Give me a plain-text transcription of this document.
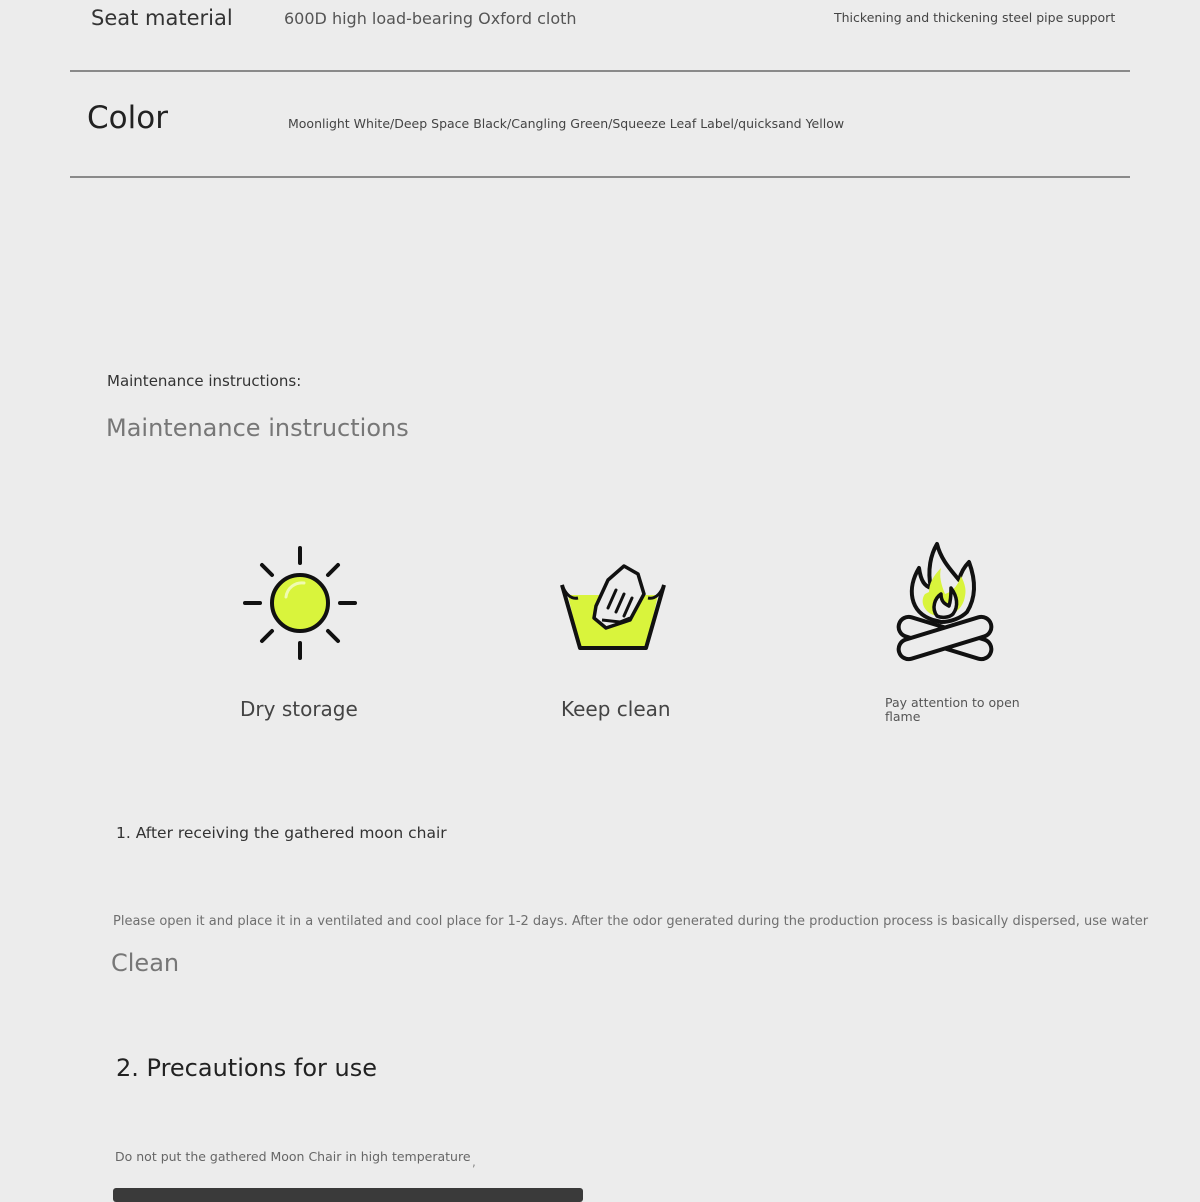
Seat material	600D high load-bearing Oxford cloth	Thickening and thickening steel pipe support
Color	Moonlight White/Deep Space Black/Cangling Green/Squeeze Leaf Label/quicksand Yellow
Maintenance instructions:
Maintenance instructions
Dry storage	Keep clean	Pay attention to open flame
1. After receiving the gathered moon chair
Please open it and place it in a ventilated and cool place for 1-2 days. After the odor generated during the production process is basically dispersed, use water
Clean
2. Precautions for use
Do not put the gathered Moon Chair in high temperature ,
